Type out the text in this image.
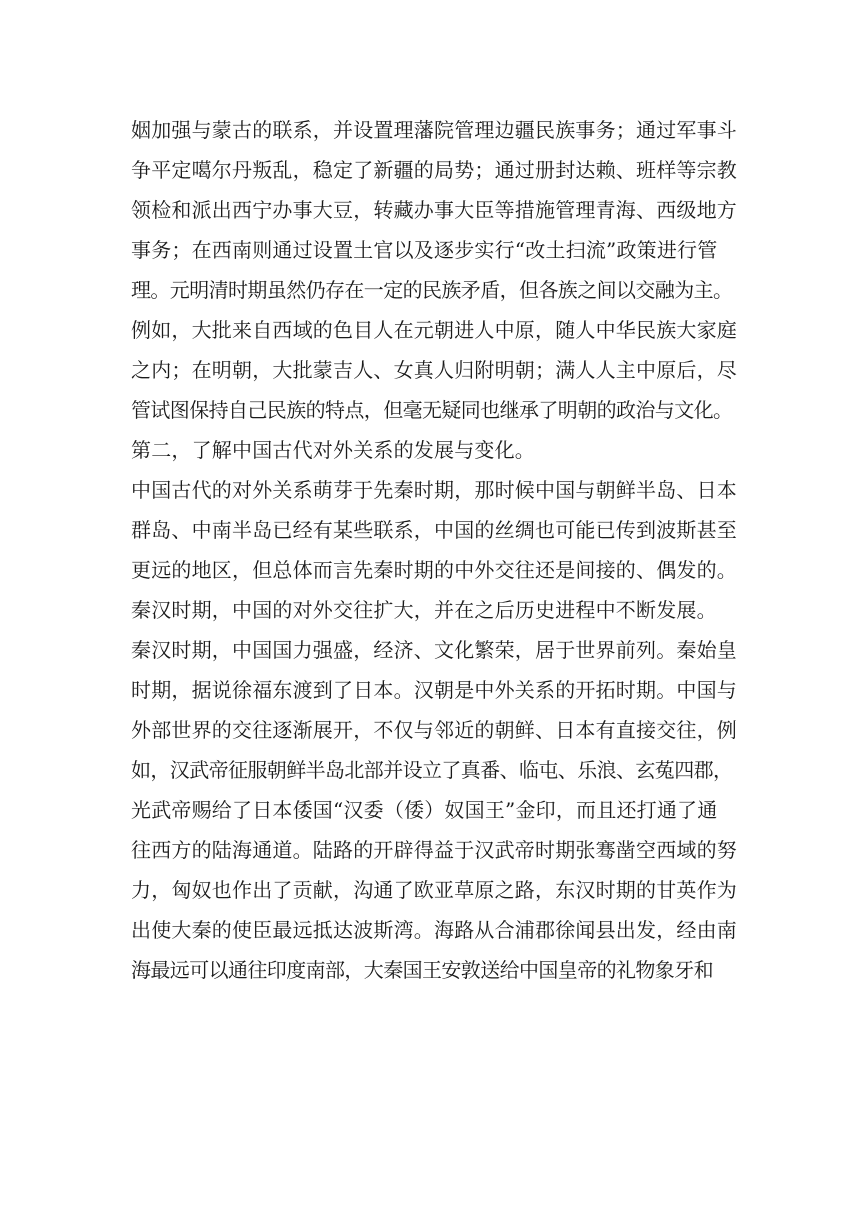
姻加强与蒙古的联系，并设置理藩院管理边疆民族事务；通过军事斗
争平定噶尔丹叛乱，稳定了新疆的局势；通过册封达赖、班样等宗教
领检和派出西宁办事大豆，转藏办事大臣等措施管理青海、西级地方
事务；在西南则通过设置土官以及逐步实行“改土扫流”政策进行管
理。元明清时期虽然仍存在一定的民族矛盾，但各族之间以交融为主。
例如，大批来自西域的色目人在元朝进人中原，随人中华民族大家庭
之内；在明朝，大批蒙吉人、女真人归附明朝；满人人主中原后，尽
管试图保持自己民族的特点，但毫无疑同也继承了明朝的政治与文化。
第二，了解中国古代对外关系的发展与变化。
中国古代的对外关系萌芽于先秦时期，那时候中国与朝鲜半岛、日本
群岛、中南半岛已经有某些联系，中国的丝绸也可能已传到波斯甚至
更远的地区，但总体而言先秦时期的中外交往还是间接的、偶发的。
秦汉时期，中国的对外交往扩大，并在之后历史进程中不断发展。
秦汉时期，中国国力强盛，经济、文化繁荣，居于世界前列。秦始皇
时期，据说徐福东渡到了日本。汉朝是中外关系的开拓时期。中国与
外部世界的交往逐渐展开，不仅与邻近的朝鲜、日本有直接交往，例
如，汉武帝征服朝鲜半岛北部并设立了真番、临屯、乐浪、玄菟四郡，
光武帝赐给了日本倭国“汉委（倭）奴国王”金印，而且还打通了通
往西方的陆海通道。陆路的开辟得益于汉武帝时期张骞凿空西域的努
力，匈奴也作出了贡献，沟通了欧亚草原之路，东汉时期的甘英作为
出使大秦的使臣最远抵达波斯湾。海路从合浦郡徐闻县出发，经由南
海最远可以通往印度南部，大秦国王安敦送给中国皇帝的礼物象牙和
